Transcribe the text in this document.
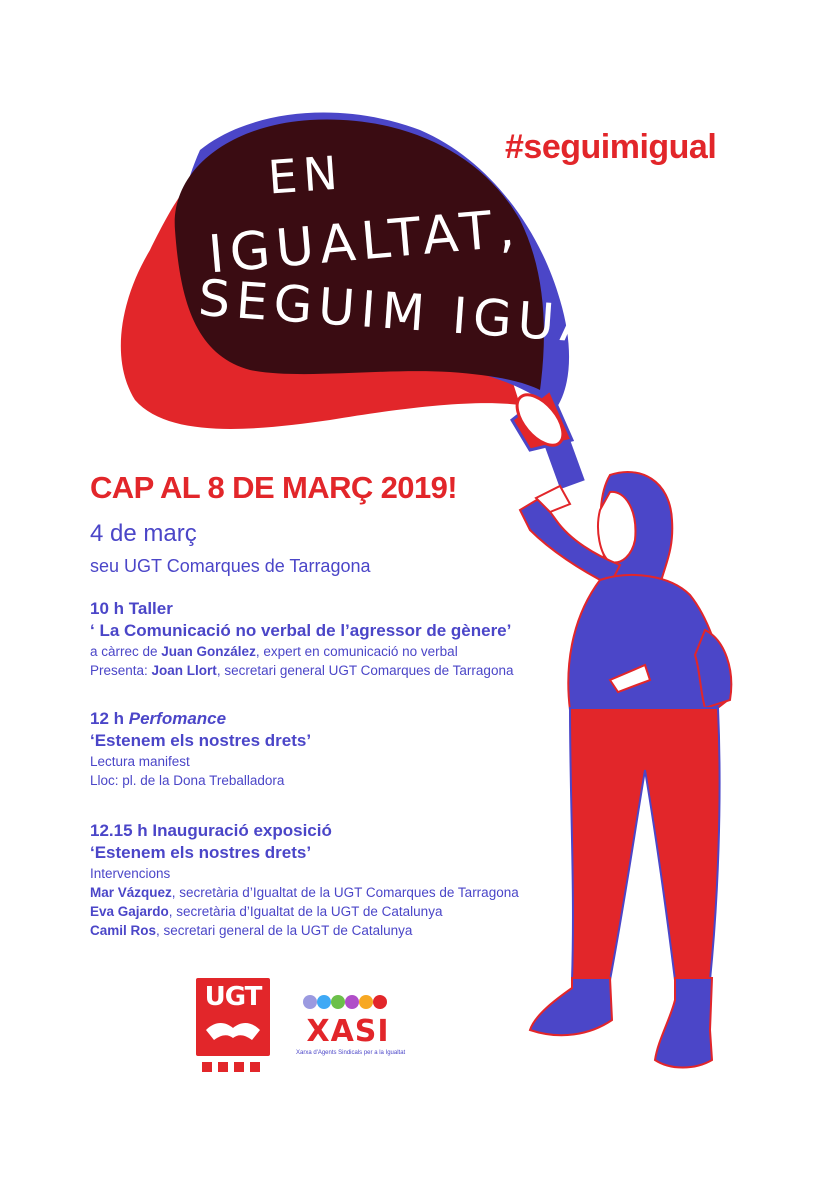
EN
IGUALTAT,
SEGUIM IGUAL
#seguimigual
CAP AL 8 DE MARÇ 2019!
4 de març
seu UGT Comarques de Tarragona
10 h Taller
‘ La Comunicació no verbal de l’agressor de gènere’
a càrrec de Juan González, expert en comunicació no verbal
Presenta: Joan Llort, secretari general UGT Comarques de Tarragona
12 h Perfomance
‘Estenem els nostres drets’
Lectura manifest
Lloc: pl. de la Dona Treballadora
12.15 h Inauguració exposició
‘Estenem els nostres drets’
Intervencions
Mar Vázquez, secretària d’Igualtat de la UGT Comarques de Tarragona
Eva Gajardo, secretària d’Igualtat de la UGT de Catalunya
Camil Ros, secretari general de la UGT de Catalunya
UGT
XASI
Xarxa d'Agents Sindicals per a la Igualtat
